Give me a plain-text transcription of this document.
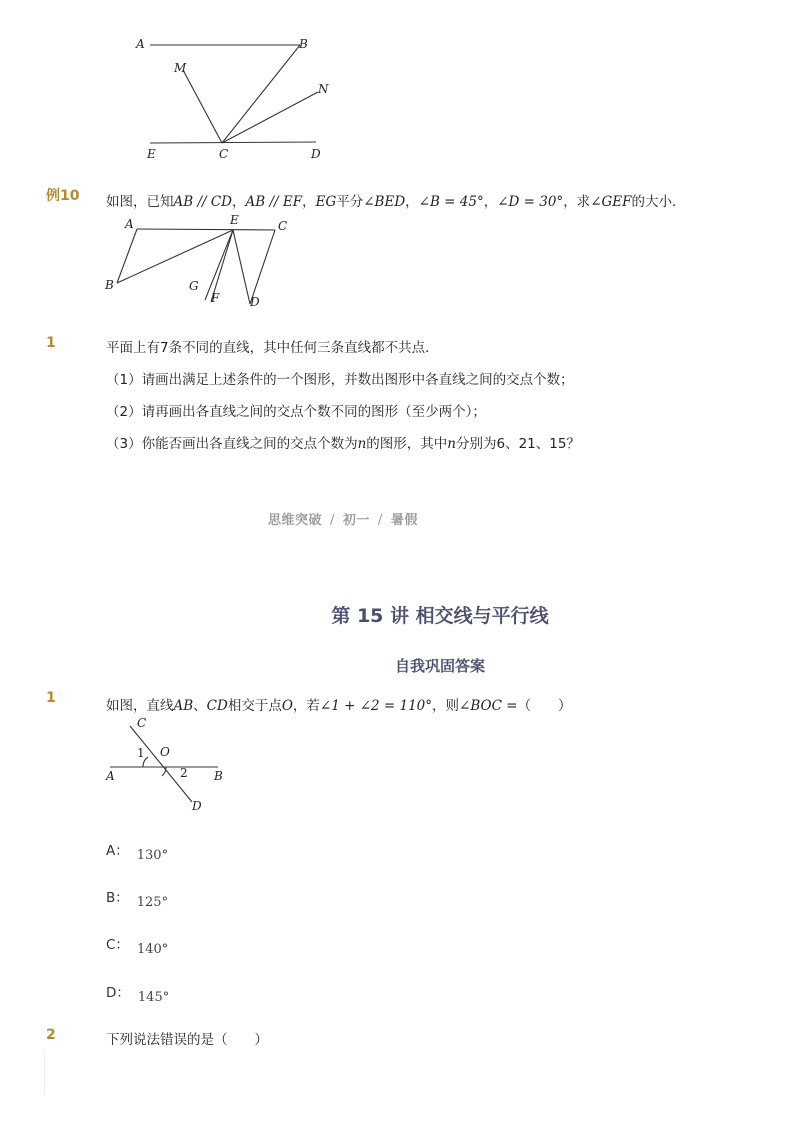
A	B
M
N
E	C	D
例10 如图，已知AB // CD，AB // EF，EG平分∠BED，∠B = 45°，∠D = 30°，求∠GEF的大小．
A	E	C
B	G
F	D
1	平面上有7条不同的直线，其中任何三条直线都不共点．
（1）请画出满足上述条件的一个图形，并数出图形中各直线之间的交点个数；
（2）请再画出各直线之间的交点个数不同的图形（至少两个）；
（3）你能否画出各直线之间的交点个数为n的图形，其中n分别为6、21、15？
思维突破 / 初一 / 暑假
第 15 讲 相交线与平行线
自我巩固答案
1	如图，直线AB、CD相交于点O，若∠1 + ∠2 = 110°，则∠BOC =（　　）
C
1 O
A	2 B
D
A： 130°
B： 125°
C： 140°
D： 145°
2	下列说法错误的是（　　）
